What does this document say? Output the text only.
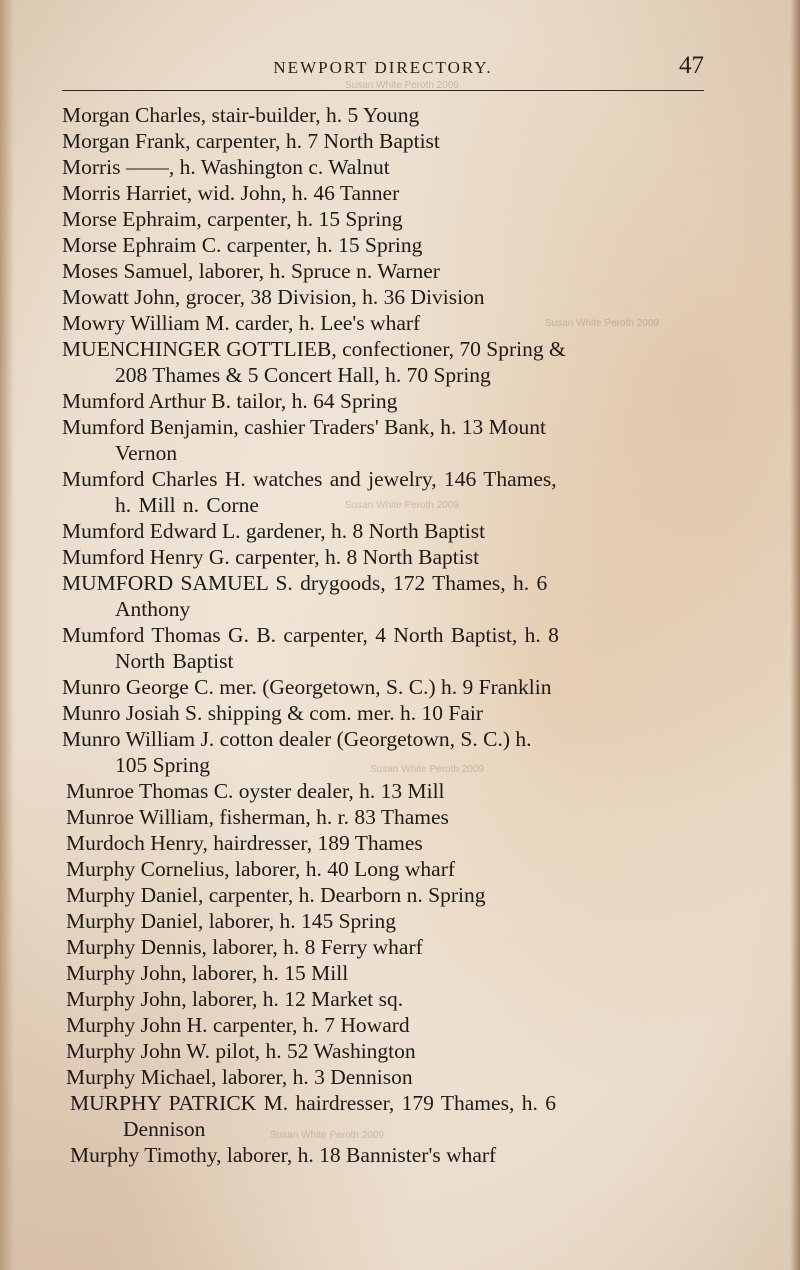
NEWPORT DIRECTORY.	47

Morgan Charles, stair-builder, h. 5 Young

Morgan Frank, carpenter, h. 7 North Baptist

Morris ——, h. Washington c. Walnut

Morris Harriet, wid. John, h. 46 Tanner

Morse Ephraim, carpenter, h. 15 Spring

Morse Ephraim C. carpenter, h. 15 Spring

Moses Samuel, laborer, h. Spruce n. Warner

Mowatt John, grocer, 38 Division, h. 36 Division

Mowry William M. carder, h. Lee's wharf

MUENCHINGER GOTTLIEB, confectioner, 70 Spring &
208 Thames & 5 Concert Hall, h. 70 Spring

Mumford Arthur B. tailor, h. 64 Spring

Mumford Benjamin, cashier Traders' Bank, h. 13 Mount
Vernon

Mumford Charles H. watches and jewelry, 146 Thames,
h. Mill n. Corne

Mumford Edward L. gardener, h. 8 North Baptist

Mumford Henry G. carpenter, h. 8 North Baptist

MUMFORD SAMUEL S. drygoods, 172 Thames, h. 6
Anthony

Mumford Thomas G. B. carpenter, 4 North Baptist, h. 8
North Baptist

Munro George C. mer. (Georgetown, S. C.) h. 9 Franklin

Munro Josiah S. shipping & com. mer. h. 10 Fair

Munro William J. cotton dealer (Georgetown, S. C.) h.
105 Spring

Munroe Thomas C. oyster dealer, h. 13 Mill

Munroe William, fisherman, h. r. 83 Thames

Murdoch Henry, hairdresser, 189 Thames

Murphy Cornelius, laborer, h. 40 Long wharf

Murphy Daniel, carpenter, h. Dearborn n. Spring

Murphy Daniel, laborer, h. 145 Spring

Murphy Dennis, laborer, h. 8 Ferry wharf

Murphy John, laborer, h. 15 Mill

Murphy John, laborer, h. 12 Market sq.

Murphy John H. carpenter, h. 7 Howard

Murphy John W. pilot, h. 52 Washington

Murphy Michael, laborer, h. 3 Dennison

MURPHY PATRICK M. hairdresser, 179 Thames, h. 6
Dennison

Murphy Timothy, laborer, h. 18 Bannister's wharf

Susan White Peroth 2009
Susan White Peroth 2009
Susan White Peroth 2009
Susan White Peroth 2009
Susan White Peroth 2009
